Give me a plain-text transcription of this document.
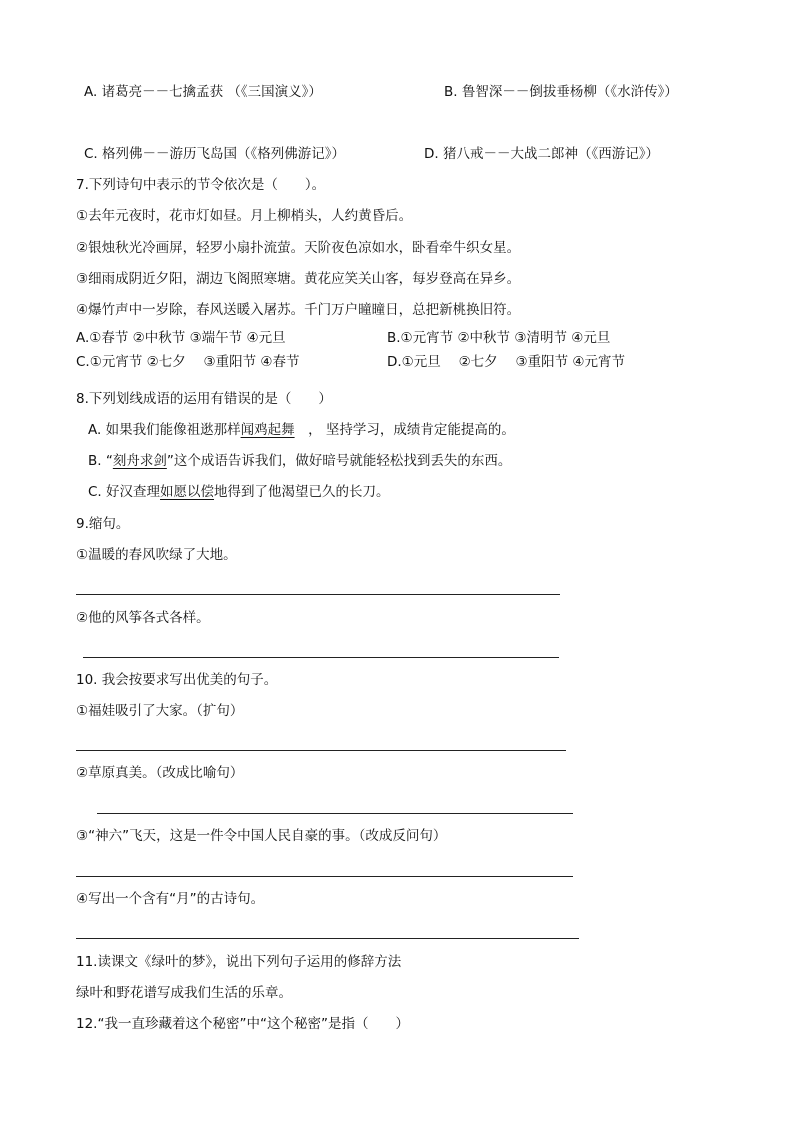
A. 诸葛亮－－七擒孟获 （《三国演义》）	B. 鲁智深－－倒拔垂杨柳（《水浒传》）
C. 格列佛－－游历飞岛国（《格列佛游记》）	D. 猪八戒－－大战二郎神（《西游记》）
7.下列诗句中表示的节令依次是（　　）。
①去年元夜时，花市灯如昼。月上柳梢头，人约黄昏后。
②银烛秋光冷画屏，轻罗小扇扑流萤。天阶夜色凉如水，卧看牵牛织女星。
③细雨成阴近夕阳，湖边飞阁照寒塘。黄花应笑关山客，每岁登高在异乡。
④爆竹声中一岁除，春风送暖入屠苏。千门万户曈曈日，总把新桃换旧符。
A.①春节 ②中秋节 ③端午节 ④元旦	B.①元宵节 ②中秋节 ③清明节 ④元旦
C.①元宵节 ②七夕 　③重阳节 ④春节	D.①元旦 　②七夕 　③重阳节 ④元宵节
8.下列划线成语的运用有错误的是（　　）
A. 如果我们能像祖逖那样闻鸡起舞　， 坚持学习，成绩肯定能提高的。
B. “刻舟求剑”这个成语告诉我们，做好暗号就能轻松找到丢失的东西。
C. 好汉查理如愿以偿地得到了他渴望已久的长刀。
9.缩句。
①温暖的春风吹绿了大地。
②他的风筝各式各样。
10. 我会按要求写出优美的句子。
①福娃吸引了大家。（扩句）
②草原真美。（改成比喻句）
③“神六”飞天，这是一件令中国人民自豪的事。（改成反问句）
④写出一个含有“月”的古诗句。
11.读课文《绿叶的梦》，说出下列句子运用的修辞方法
绿叶和野花谱写成我们生活的乐章。
12.“我一直珍藏着这个秘密”中“这个秘密”是指（　　）
